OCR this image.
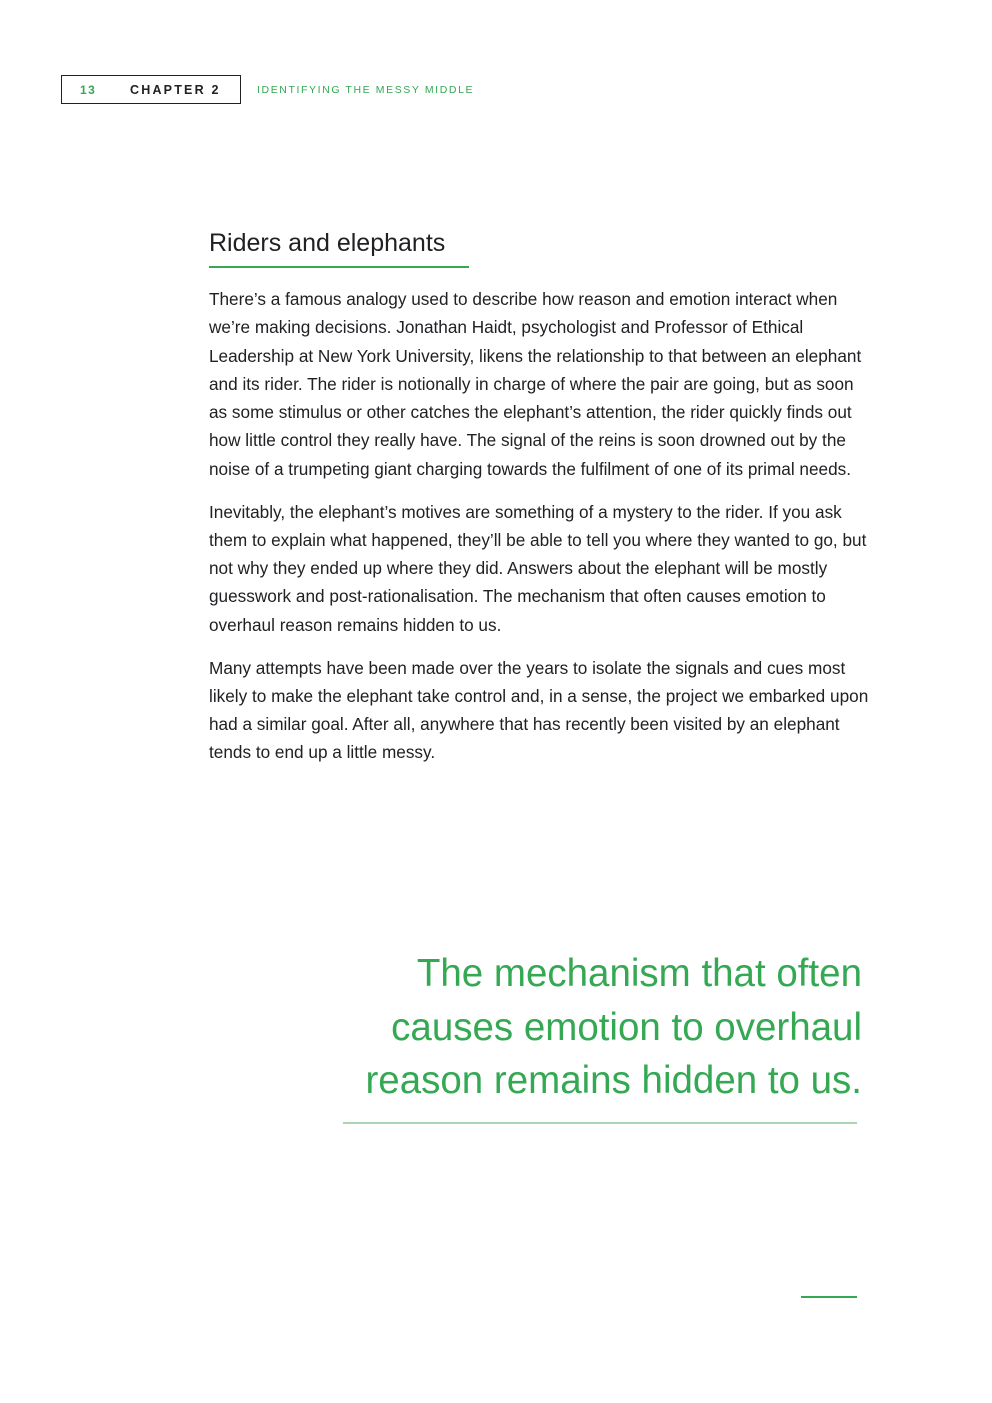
13	CHAPTER 2	IDENTIFYING THE MESSY MIDDLE
Riders and elephants

There’s a famous analogy used to describe how reason and emotion interact when we’re making decisions. Jonathan Haidt, psychologist and Professor of Ethical Leadership at New York University, likens the relationship to that between an elephant and its rider. The rider is notionally in charge of where the pair are going, but as soon as some stimulus or other catches the elephant’s attention, the rider quickly finds out how little control they really have. The signal of the reins is soon drowned out by the noise of a trumpeting giant charging towards the fulfilment of one of its primal needs.

Inevitably, the elephant’s motives are something of a mystery to the rider. If you ask them to explain what happened, they’ll be able to tell you where they wanted to go, but not why they ended up where they did. Answers about the elephant will be mostly guesswork and post-rationalisation. The mechanism that often causes emotion to overhaul reason remains hidden to us.

Many attempts have been made over the years to isolate the signals and cues most likely to make the elephant take control and, in a sense, the project we embarked upon had a similar goal. After all, anywhere that has recently been visited by an elephant tends to end up a little messy.

The mechanism that often
causes emotion to overhaul
reason remains hidden to us.
